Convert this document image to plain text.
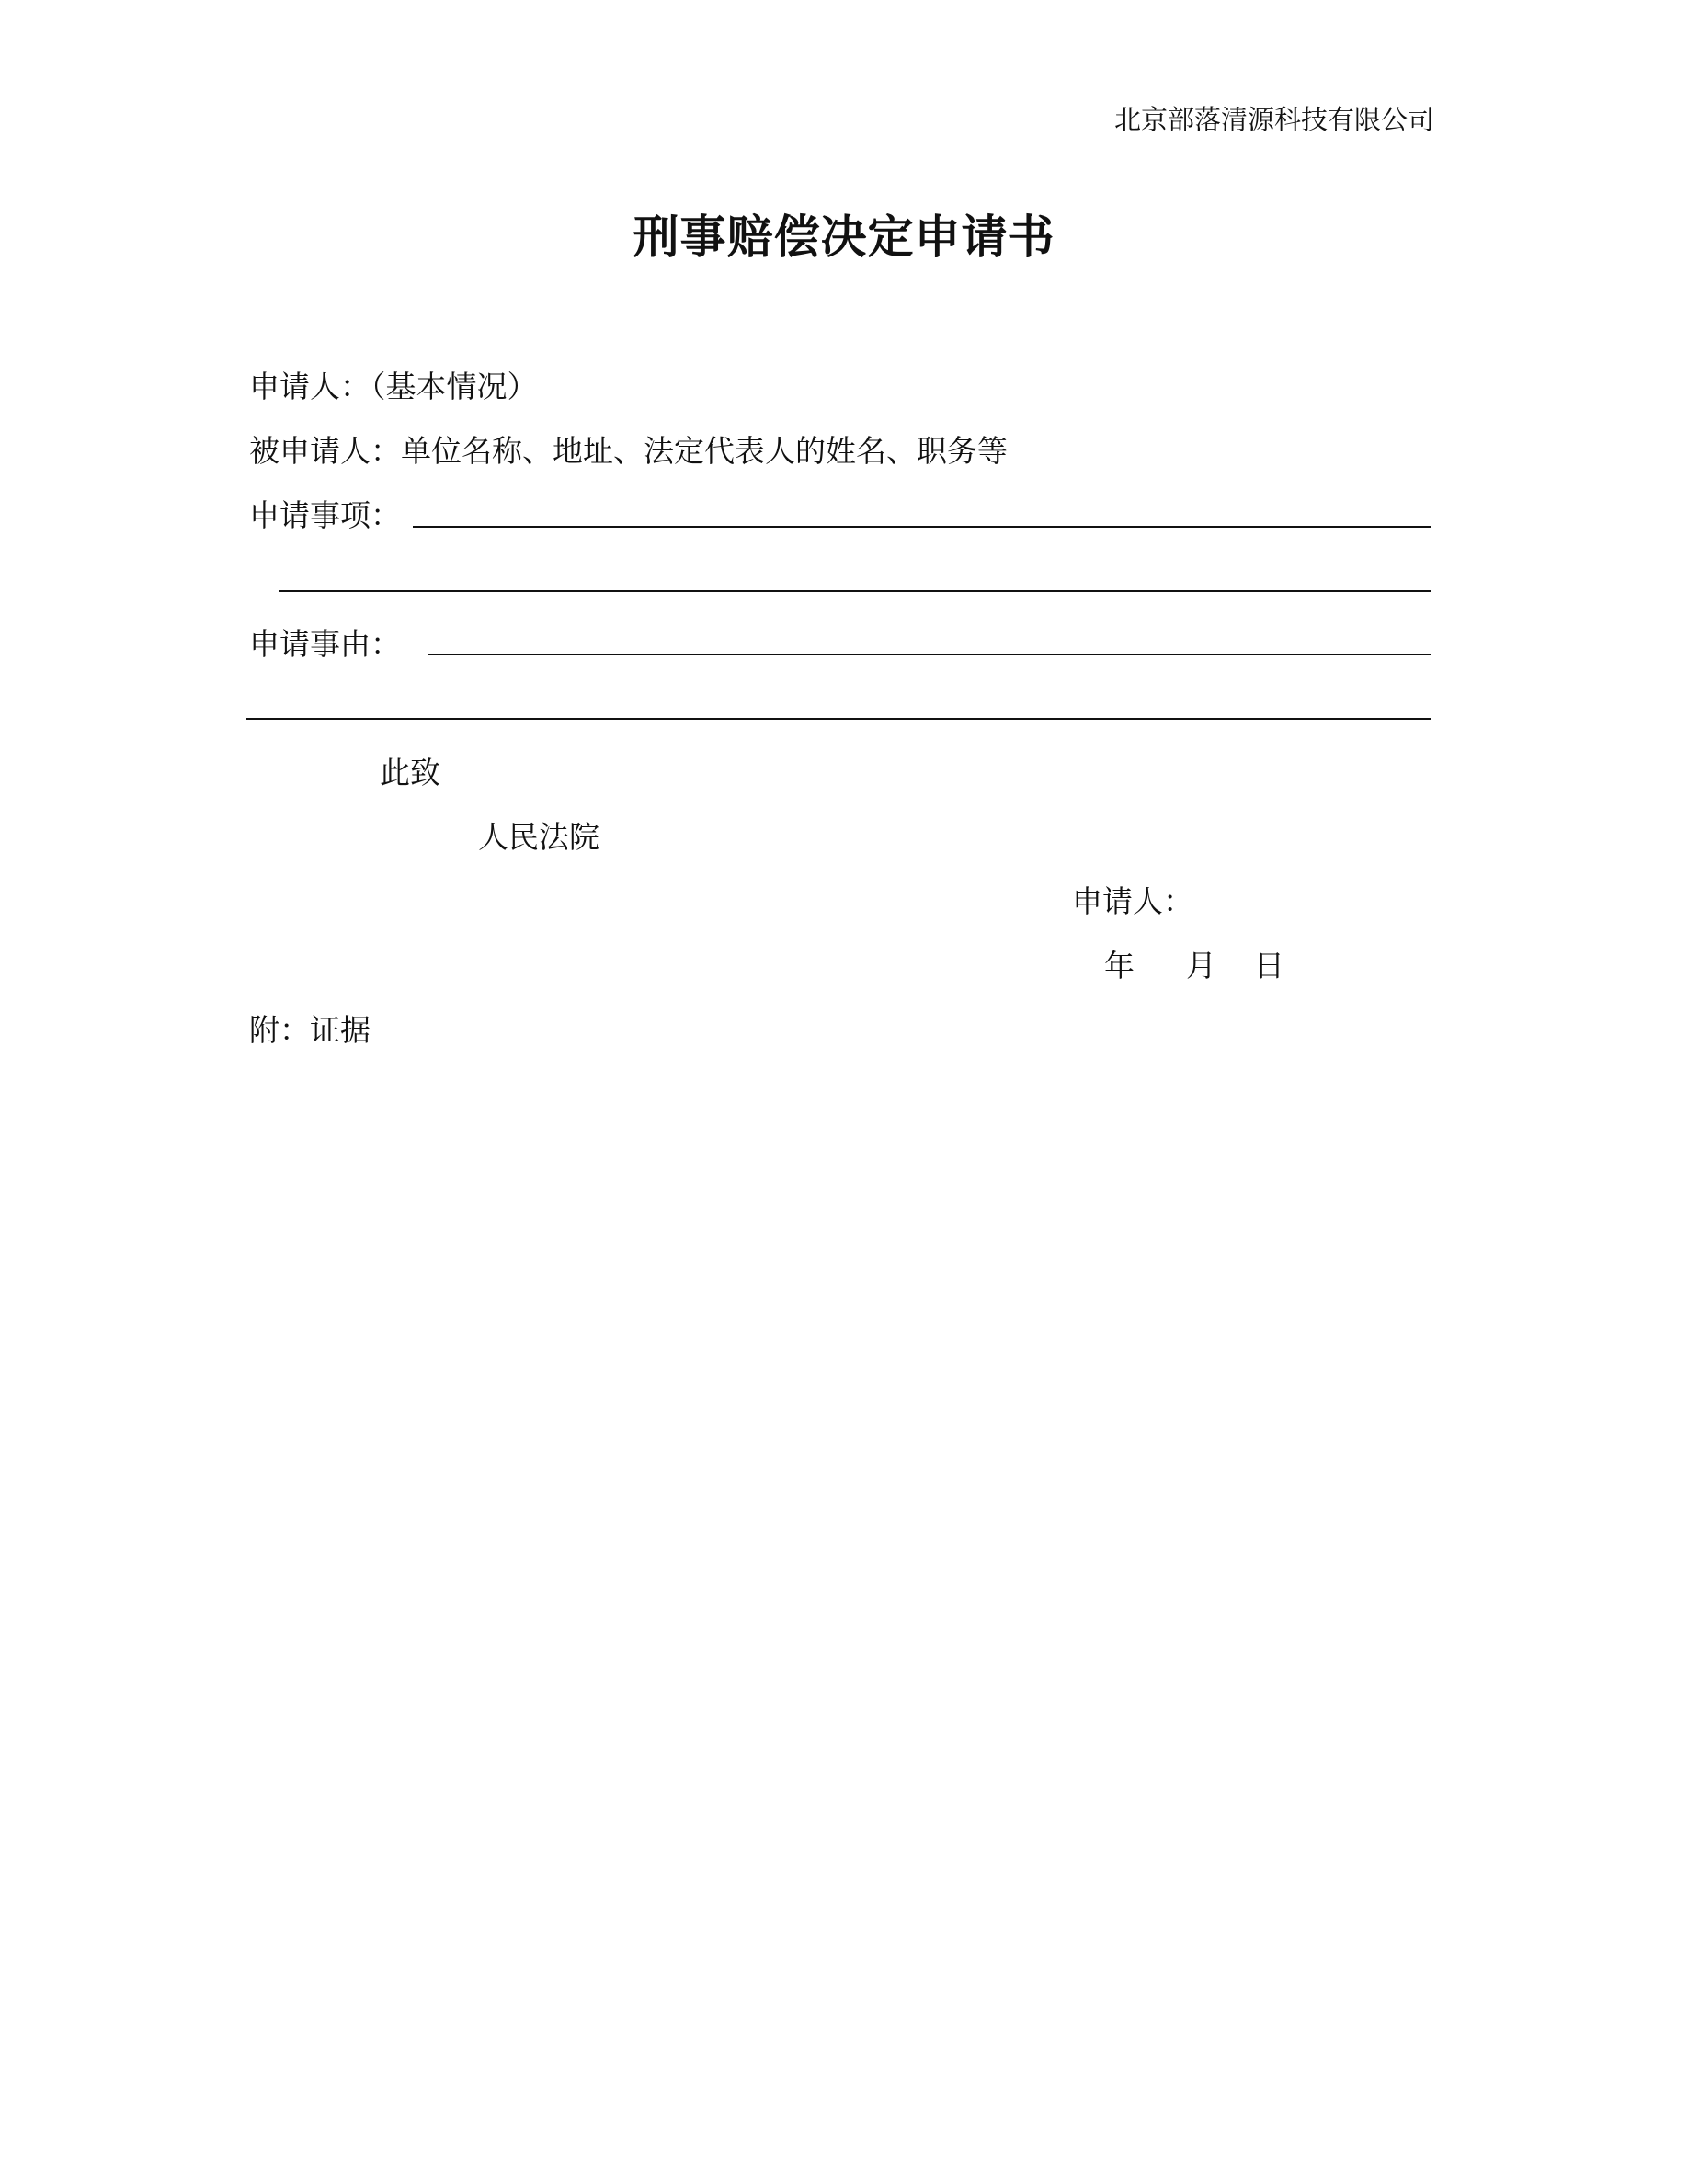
北京部落清源科技有限公司
刑事赔偿决定申请书
申请人：（基本情况）
被申请人：单位名称、地址、法定代表人的姓名、职务等
申请事项：
申请事由：
此致
人民法院
申请人：
年 月 日
附：证据
